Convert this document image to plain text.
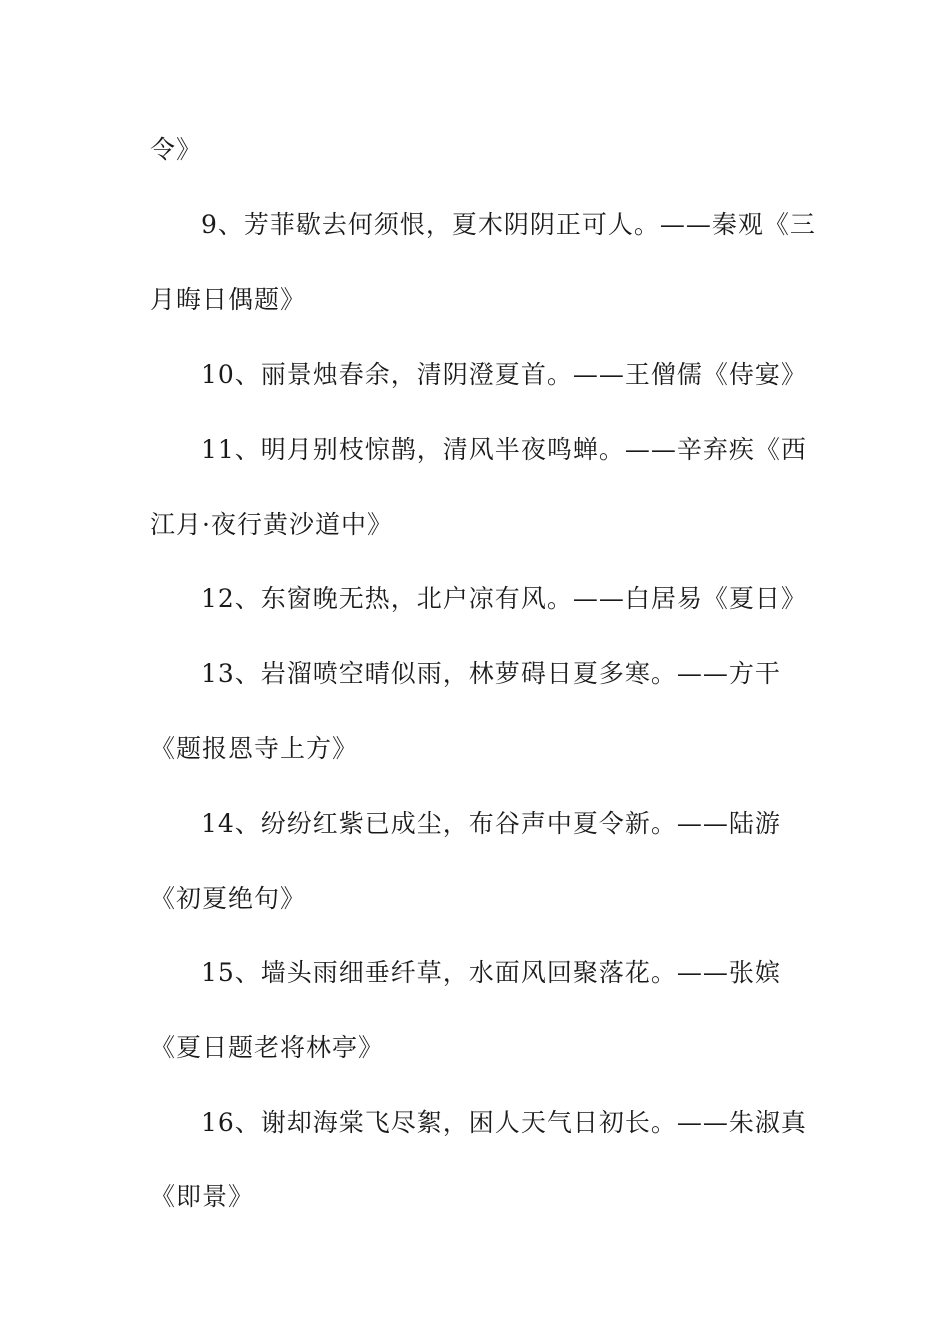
令》
9、芳菲歇去何须恨，夏木阴阴正可人。——秦观《三
月晦日偶题》
10、丽景烛春余，清阴澄夏首。——王僧儒《侍宴》
11、明月别枝惊鹊，清风半夜鸣蝉。——辛弃疾《西
江月·夜行黄沙道中》
12、东窗晚无热，北户凉有风。——白居易《夏日》
13、岩溜喷空晴似雨，林萝碍日夏多寒。——方干
《题报恩寺上方》
14、纷纷红紫已成尘，布谷声中夏令新。——陆游
《初夏绝句》
15、墙头雨细垂纤草，水面风回聚落花。——张嫔
《夏日题老将林亭》
16、谢却海棠飞尽絮，困人天气日初长。——朱淑真
《即景》
